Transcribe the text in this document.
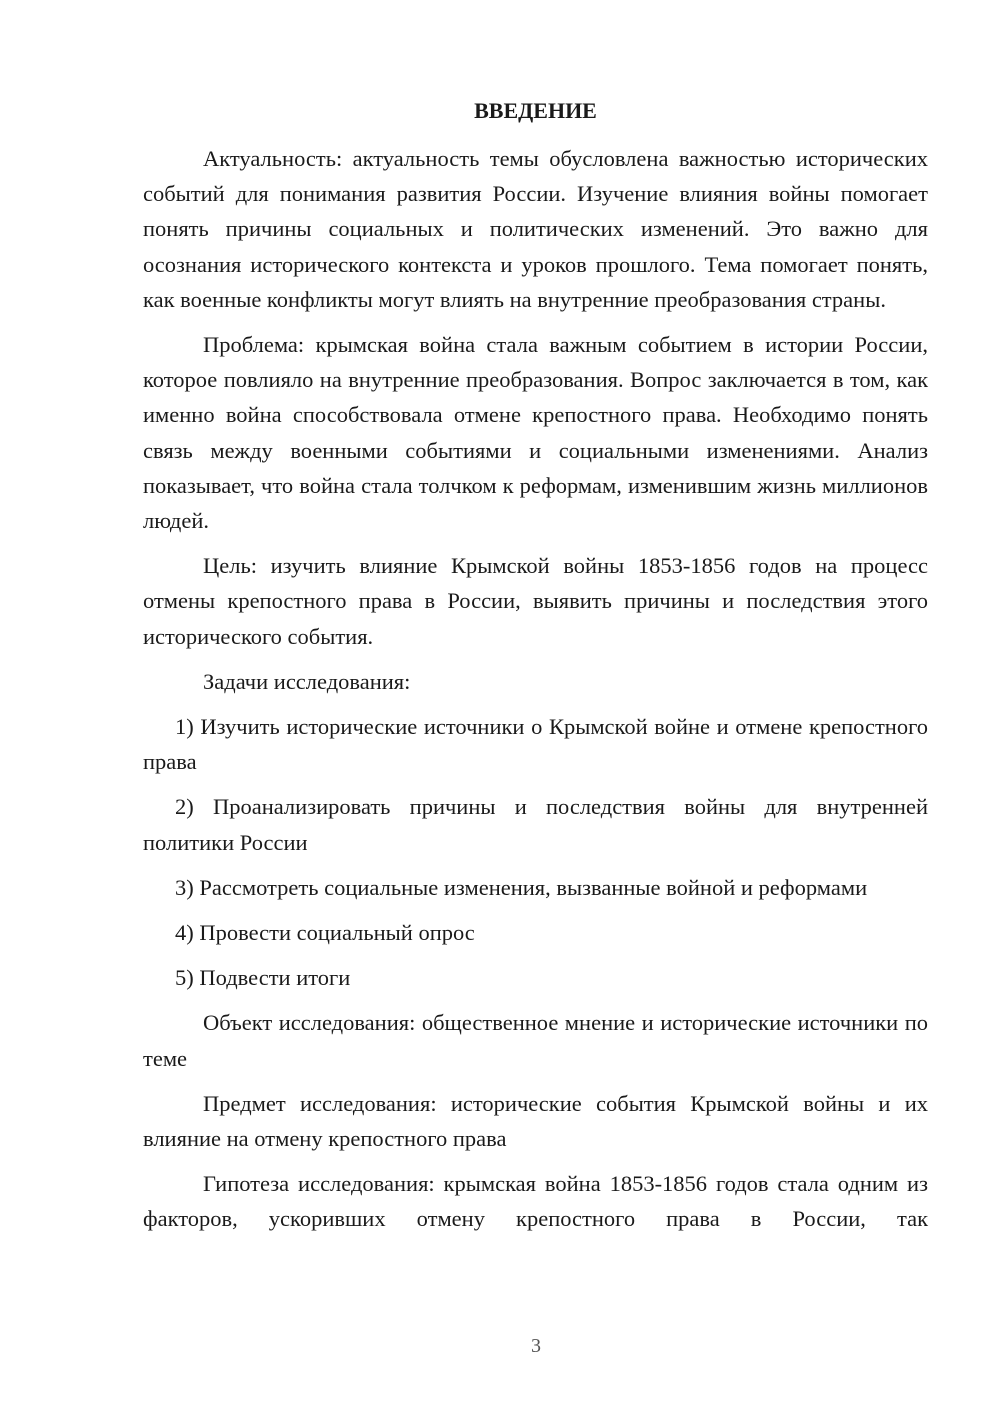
ВВЕДЕНИЕ

Актуальность: актуальность темы обусловлена важностью исторических событий для понимания развития России. Изучение влияния войны помогает понять причины социальных и политических изменений. Это важно для осознания исторического контекста и уроков прошлого. Тема помогает понять, как военные конфликты могут влиять на внутренние преобразования страны.

Проблема: крымская война стала важным событием в истории России, которое повлияло на внутренние преобразования. Вопрос заключается в том, как именно война способствовала отмене крепостного права. Необходимо понять связь между военными событиями и социальными изменениями. Анализ показывает, что война стала толчком к реформам, изменившим жизнь миллионов людей.

Цель: изучить влияние Крымской войны 1853-1856 годов на процесс отмены крепостного права в России, выявить причины и последствия этого исторического события.

Задачи исследования:

1) Изучить исторические источники о Крымской войне и отмене крепостного права

2) Проанализировать причины и последствия войны для внутренней политики России

3) Рассмотреть социальные изменения, вызванные войной и реформами

4) Провести социальный опрос

5) Подвести итоги

Объект исследования: общественное мнение и исторические источники по теме

Предмет исследования: исторические события Крымской войны и их влияние на отмену крепостного права

Гипотеза исследования: крымская война 1853-1856 годов стала одним из факторов, ускоривших отмену крепостного права в России, так

3
